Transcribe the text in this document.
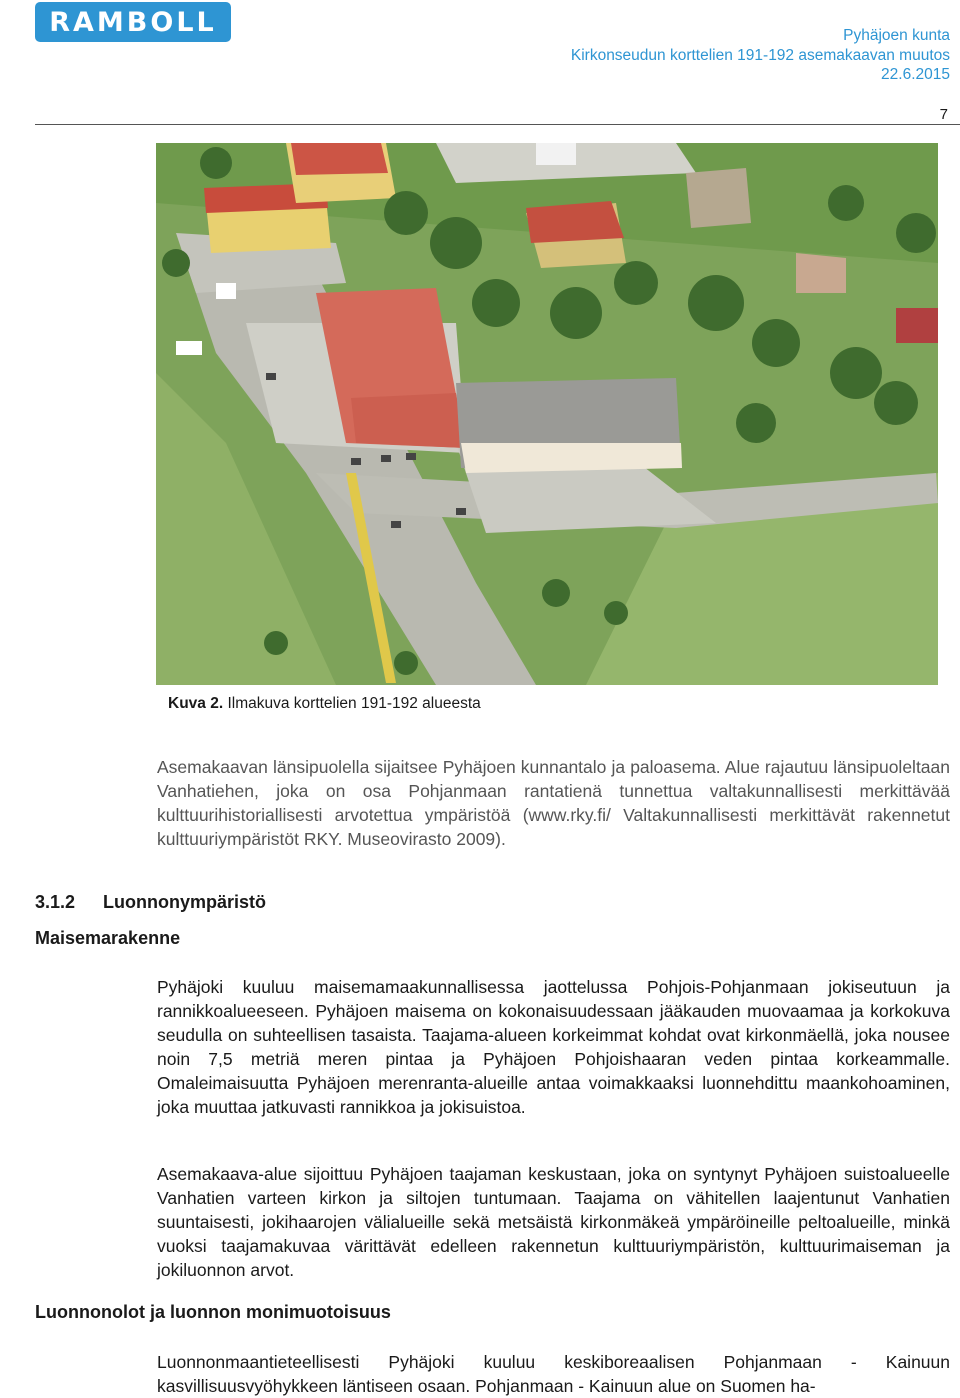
RAMBOLL	Pyhäjoen kunta
Kirkonseudun korttelien 191-192 asemakaavan muutos
22.6.2015
7
Kuva 2. Ilmakuva korttelien 191-192 alueesta

Asemakaavan länsipuolella sijaitsee Pyhäjoen kunnantalo ja paloasema. Alue rajautuu länsipuoleltaan Vanhatiehen, joka on osa Pohjanmaan rantatienä tunnettua valtakunnallisesti merkittävää kulttuurihistoriallisesti arvotettua ympäristöä (www.rky.fi/ Valtakunnallisesti merkittävät rakennetut kulttuuriympäristöt RKY. Museovirasto 2009).

3.1.2 Luonnonympäristö
Maisemarakenne

Pyhäjoki kuuluu maisemamaakunnallisessa jaottelussa Pohjois-Pohjanmaan jokiseutuun ja rannikkoalueeseen. Pyhäjoen maisema on kokonaisuudessaan jääkauden muovaamaa ja korkokuva seudulla on suhteellisen tasaista. Taajama-alueen korkeimmat kohdat ovat kirkonmäellä, joka nousee noin 7,5 metriä meren pintaa ja Pyhäjoen Pohjoishaaran veden pintaa korkeammalle. Omaleimaisuutta Pyhäjoen merenranta-alueille antaa voimakkaaksi luonnehdittu maankohoaminen, joka muuttaa jatkuvasti rannikkoa ja jokisuistoa.

Asemakaava-alue sijoittuu Pyhäjoen taajaman keskustaan, joka on syntynyt Pyhäjoen suistoalueelle Vanhatien varteen kirkon ja siltojen tuntumaan. Taajama on vähitellen laajentunut Vanhatien suuntaisesti, jokihaarojen välialueille sekä metsäistä kirkonmäkeä ympäröineille peltoalueille, minkä vuoksi taajamakuvaa värittävät edelleen rakennetun kulttuuriympäristön, kulttuurimaiseman ja jokiluonnon arvot.

Luonnonolot ja luonnon monimuotoisuus

Luonnonmaantieteellisesti Pyhäjoki kuuluu keskiboreaalisen Pohjanmaan - Kainuun kasvillisuusvyöhykkeen läntiseen osaan. Pohjanmaan - Kainuun alue on Suomen ha-
